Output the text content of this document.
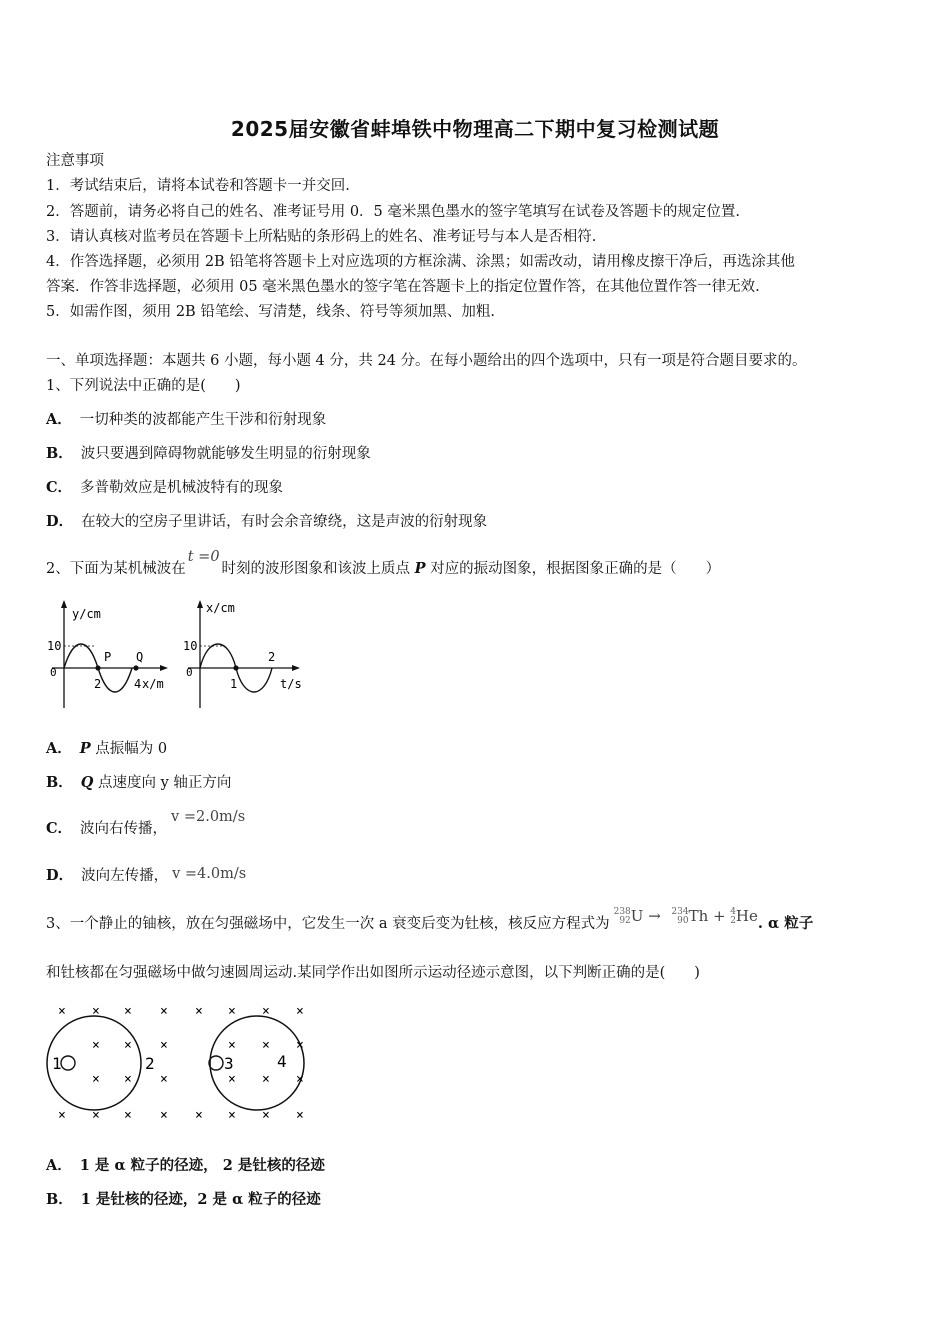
2025届安徽省蚌埠铁中物理高二下期中复习检测试题
注意事项
1．考试结束后，请将本试卷和答题卡一并交回.
2．答题前，请务必将自己的姓名、准考证号用 0．5 毫米黑色墨水的签字笔填写在试卷及答题卡的规定位置.
3．请认真核对监考员在答题卡上所粘贴的条形码上的姓名、准考证号与本人是否相符.
4．作答选择题，必须用 2B 铅笔将答题卡上对应选项的方框涂满、涂黑；如需改动，请用橡皮擦干净后，再选涂其他
答案．作答非选择题，必须用 05 毫米黑色墨水的签字笔在答题卡上的指定位置作答，在其他位置作答一律无效.
5．如需作图，须用 2B 铅笔绘、写清楚，线条、符号等须加黑、加粗.
一、单项选择题：本题共 6 小题，每小题 4 分，共 24 分。在每小题给出的四个选项中，只有一项是符合题目要求的。
1、下列说法中正确的是(　　)
A． 一切种类的波都能产生干涉和衍射现象
B． 波只要遇到障碍物就能够发生明显的衍射现象
C． 多普勒效应是机械波特有的现象
D． 在较大的空房子里讲话，有时会余音缭绕，这是声波的衍射现象
2、下面为某机械波在t =0时刻的波形图象和该波上质点 P 对应的振动图象，根据图象正确的是（　　）
y/cm
10
0
P Q
2	4 x/m
x/cm
10
0
1
2
t/s
A． P 点振幅为 0
B． Q 点速度向 y 轴正方向
C． 波向右传播，v =2.0m/s
D． 波向左传播， v =4.0m/s
3、一个静止的铀核，放在匀强磁场中，它发生一次 a 衰变后变为钍核，核反应方程式为
238
92 U → 234
90 Th + 4
2 He. α 粒子
和钍核都在匀强磁场中做匀速圆周运动.某同学作出如图所示运动径迹示意图，以下判断正确的是(　　)
1	2	3	4
× × × × × × × ×
× × ×	× × ×
× × ×	× × ×
× × × × × × × ×
A． 1 是 α 粒子的径迹， 2 是钍核的径迹
B． 1 是钍核的径迹，2 是 α 粒子的径迹
